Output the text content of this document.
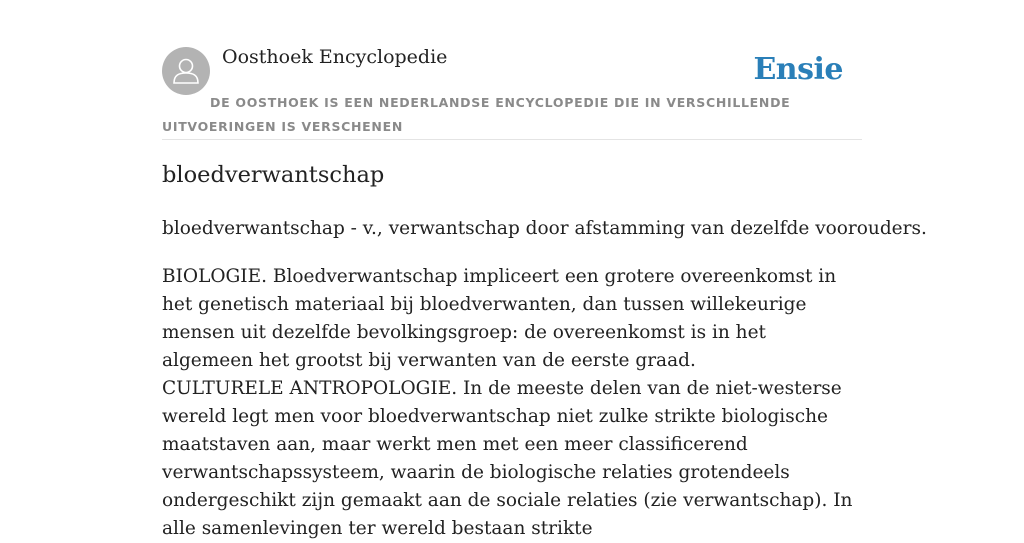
Oosthoek Encyclopedie	Ensie
DE OOSTHOEK IS EEN NEDERLANDSE ENCYCLOPEDIE DIE IN VERSCHILLENDE UITVOERINGEN IS VERSCHENEN
bloedverwantschap

bloedverwantschap - v., verwantschap door afstamming van dezelfde voorouders.

BIOLOGIE. Bloedverwantschap impliceert een grotere overeenkomst in het genetisch materiaal bij bloedverwanten, dan tussen willekeurige mensen uit dezelfde bevolkingsgroep: de overeenkomst is in het algemeen het grootst bij verwanten van de eerste graad.
CULTURELE ANTROPOLOGIE. In de meeste delen van de niet-westerse wereld legt men voor bloedverwantschap niet zulke strikte biologische maatstaven aan, maar werkt men met een meer classificerend verwantschapssysteem, waarin de biologische relaties grotendeels ondergeschikt zijn gemaakt aan de sociale relaties (zie verwantschap). In alle samenlevingen ter wereld bestaan strikte
